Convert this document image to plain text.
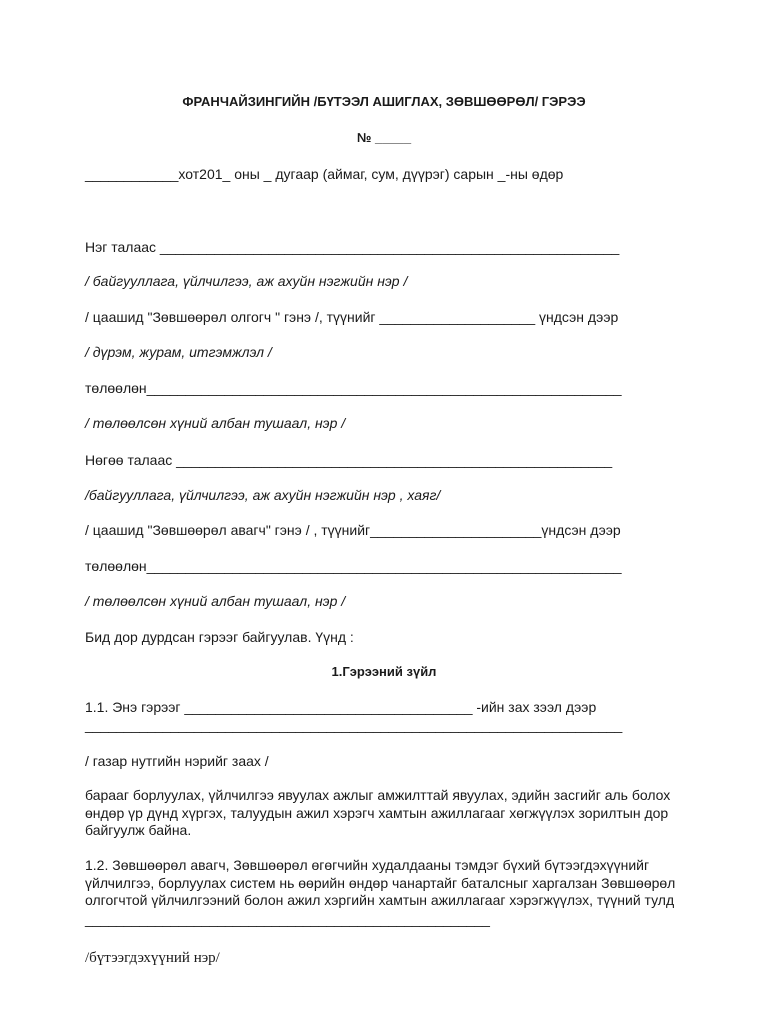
ФРАНЧАЙЗИНГИЙН /БҮТЭЭЛ АШИГЛАХ, ЗӨВШӨӨРӨЛ/ ГЭРЭЭ
№ _____
____________хот201_ оны _ дугаар (аймаг, сум, дүүрэг) сарын _-ны өдөр
Нэг талаас ___________________________________________________________
/ байгууллага, үйлчилгээ, аж ахуйн нэгжийн нэр /
/ цаашид "Зөвшөөрөл олгогч " гэнэ /, түүнийг ____________________ үндсэн дээр
/ дүрэм, журам, итгэмжлэл /
төлөөлөн_____________________________________________________________
/ төлөөлсөн хүний албан тушаал, нэр /
Нөгөө талаас ________________________________________________________
/байгууллага, үйлчилгээ, аж ахуйн нэгжийн нэр , хаяг/
/ цаашид "Зөвшөөрөл авагч" гэнэ / , түүнийг______________________үндсэн дээр
төлөөлөн_____________________________________________________________
/ төлөөлсөн хүний албан тушаал, нэр /
Бид дор дурдсан гэрээг байгуулав. Үүнд :
1.Гэрээний зүйл
1.1. Энэ гэрээг _____________________________________ -ийн зах зээл дээр
_____________________________________________________________________
/ газар нутгийн нэрийг заах /
барааг борлуулах, үйлчилгээ явуулах ажлыг амжилттай явуулах, эдийн засгийг аль болох өндөр үр дүнд хүргэх, талуудын ажил хэрэгч хамтын ажиллагааг хөгжүүлэх зорилтын дор байгуулж байна.
1.2. Зөвшөөрөл авагч, Зөвшөөрөл өгөгчийн худалдааны тэмдэг бүхий бүтээгдэхүүнийг үйлчилгээ, борлуулах систем нь өөрийн өндөр чанартайг баталсныг харгалзан Зөвшөөрөл олгогчтой үйлчилгээний болон ажил хэргийн хамтын ажиллагааг хэрэгжүүлэх, түүний тулд
____________________________________________________
/бүтээгдэхүүний нэр/
